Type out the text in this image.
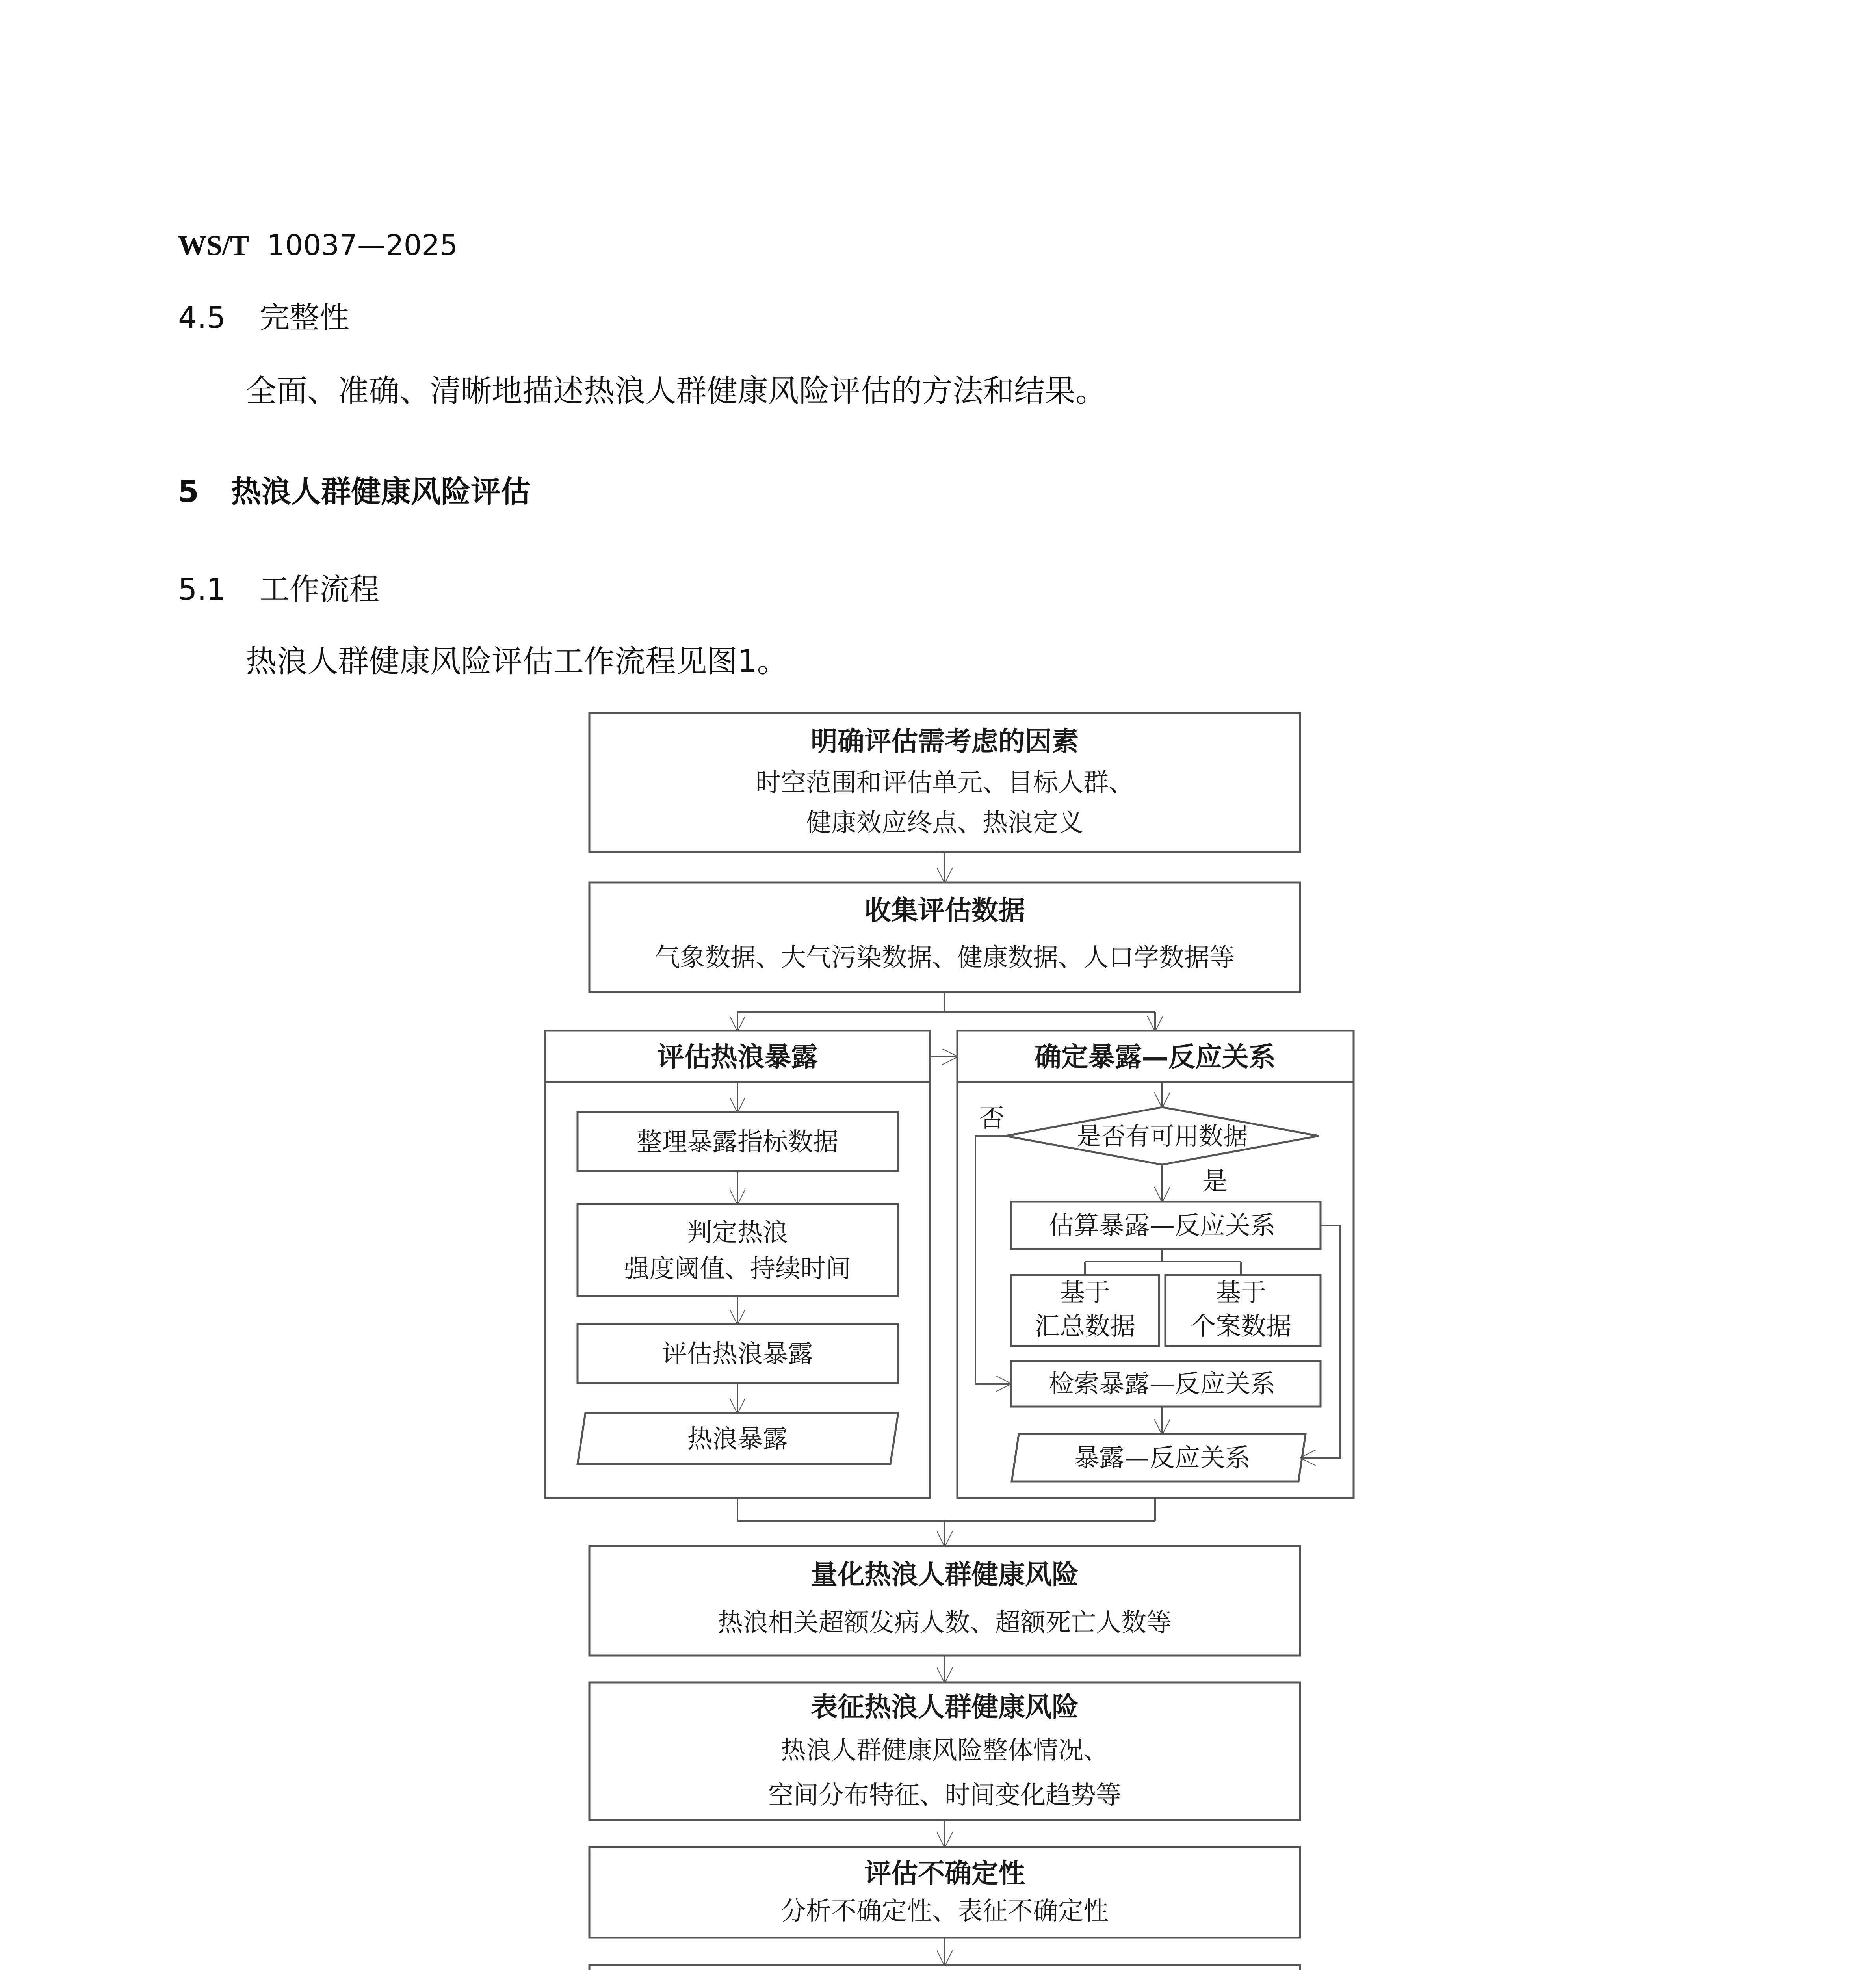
WS/T 10037—2025
4.5 完整性
全面、准确、清晰地描述热浪人群健康风险评估的方法和结果。
5 热浪人群健康风险评估
5.1 工作流程
热浪人群健康风险评估工作流程见图1。
明确评估需考虑的因素
时空范围和评估单元、目标人群、
健康效应终点、热浪定义
收集评估数据
气象数据、大气污染数据、健康数据、人口学数据等
评估热浪暴露
整理暴露指标数据
判定热浪
强度阈值、持续时间
评估热浪暴露
热浪暴露
确定暴露—反应关系
是否有可用数据
否
是
估算暴露—反应关系
基于
汇总数据
基于
个案数据
检索暴露—反应关系
暴露—反应关系
量化热浪人群健康风险
热浪相关超额发病人数、超额死亡人数等
表征热浪人群健康风险
热浪人群健康风险整体情况、
空间分布特征、时间变化趋势等
评估不确定性
分析不确定性、表征不确定性
